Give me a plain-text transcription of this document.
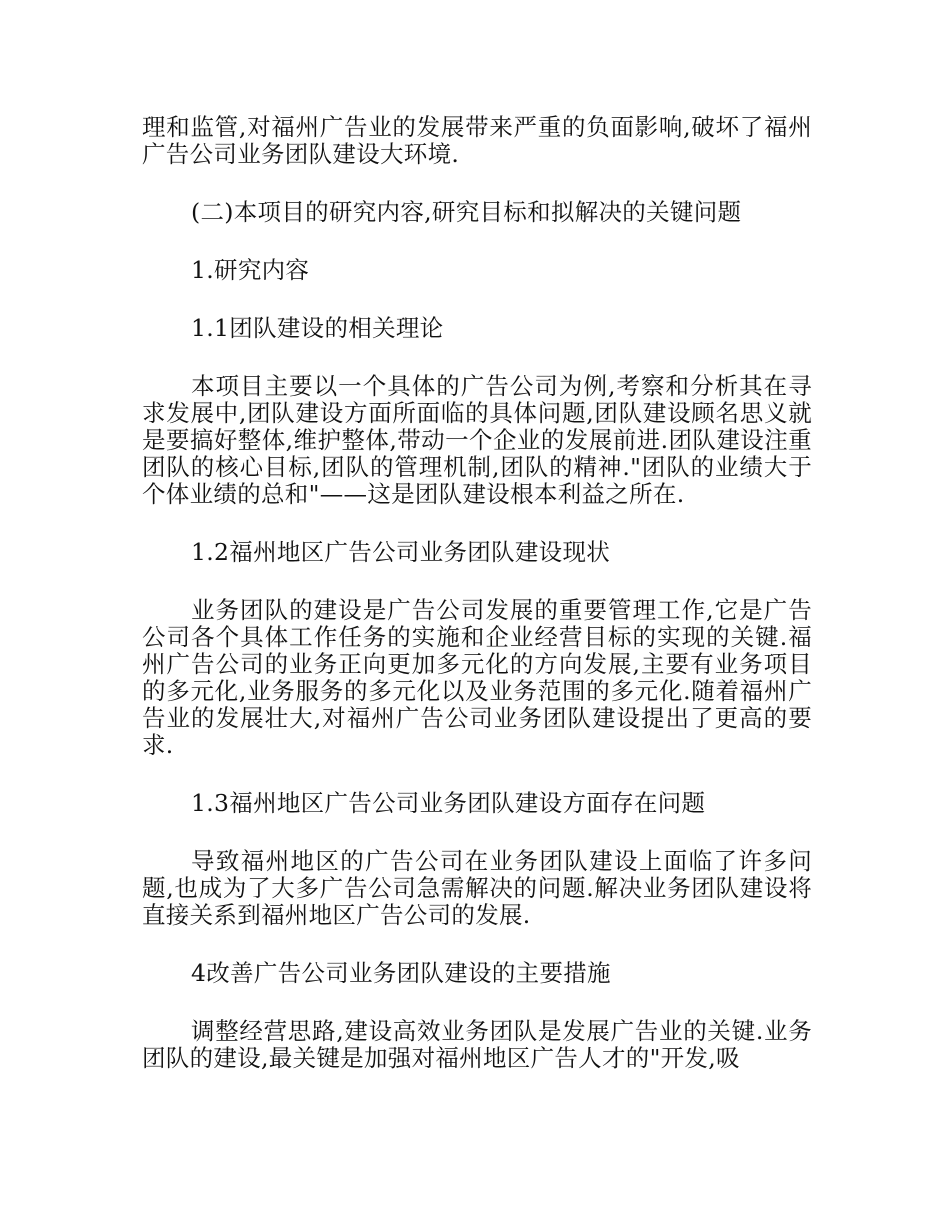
理和监管,对福州广告业的发展带来严重的负面影响,破坏了福州广告公司业务团队建设大环境.

(二)本项目的研究内容,研究目标和拟解决的关键问题

1.研究内容

1.1团队建设的相关理论

本项目主要以一个具体的广告公司为例,考察和分析其在寻求发展中,团队建设方面所面临的具体问题,团队建设顾名思义就是要搞好整体,维护整体,带动一个企业的发展前进.团队建设注重团队的核心目标,团队的管理机制,团队的精神."团队的业绩大于个体业绩的总和"——这是团队建设根本利益之所在.

1.2福州地区广告公司业务团队建设现状

业务团队的建设是广告公司发展的重要管理工作,它是广告公司各个具体工作任务的实施和企业经营目标的实现的关键.福州广告公司的业务正向更加多元化的方向发展,主要有业务项目的多元化,业务服务的多元化以及业务范围的多元化.随着福州广告业的发展壮大,对福州广告公司业务团队建设提出了更高的要求.

1.3福州地区广告公司业务团队建设方面存在问题

导致福州地区的广告公司在业务团队建设上面临了许多问题,也成为了大多广告公司急需解决的问题.解决业务团队建设将直接关系到福州地区广告公司的发展.

4改善广告公司业务团队建设的主要措施

调整经营思路,建设高效业务团队是发展广告业的关键.业务团队的建设,最关键是加强对福州地区广告人才的"开发,吸
